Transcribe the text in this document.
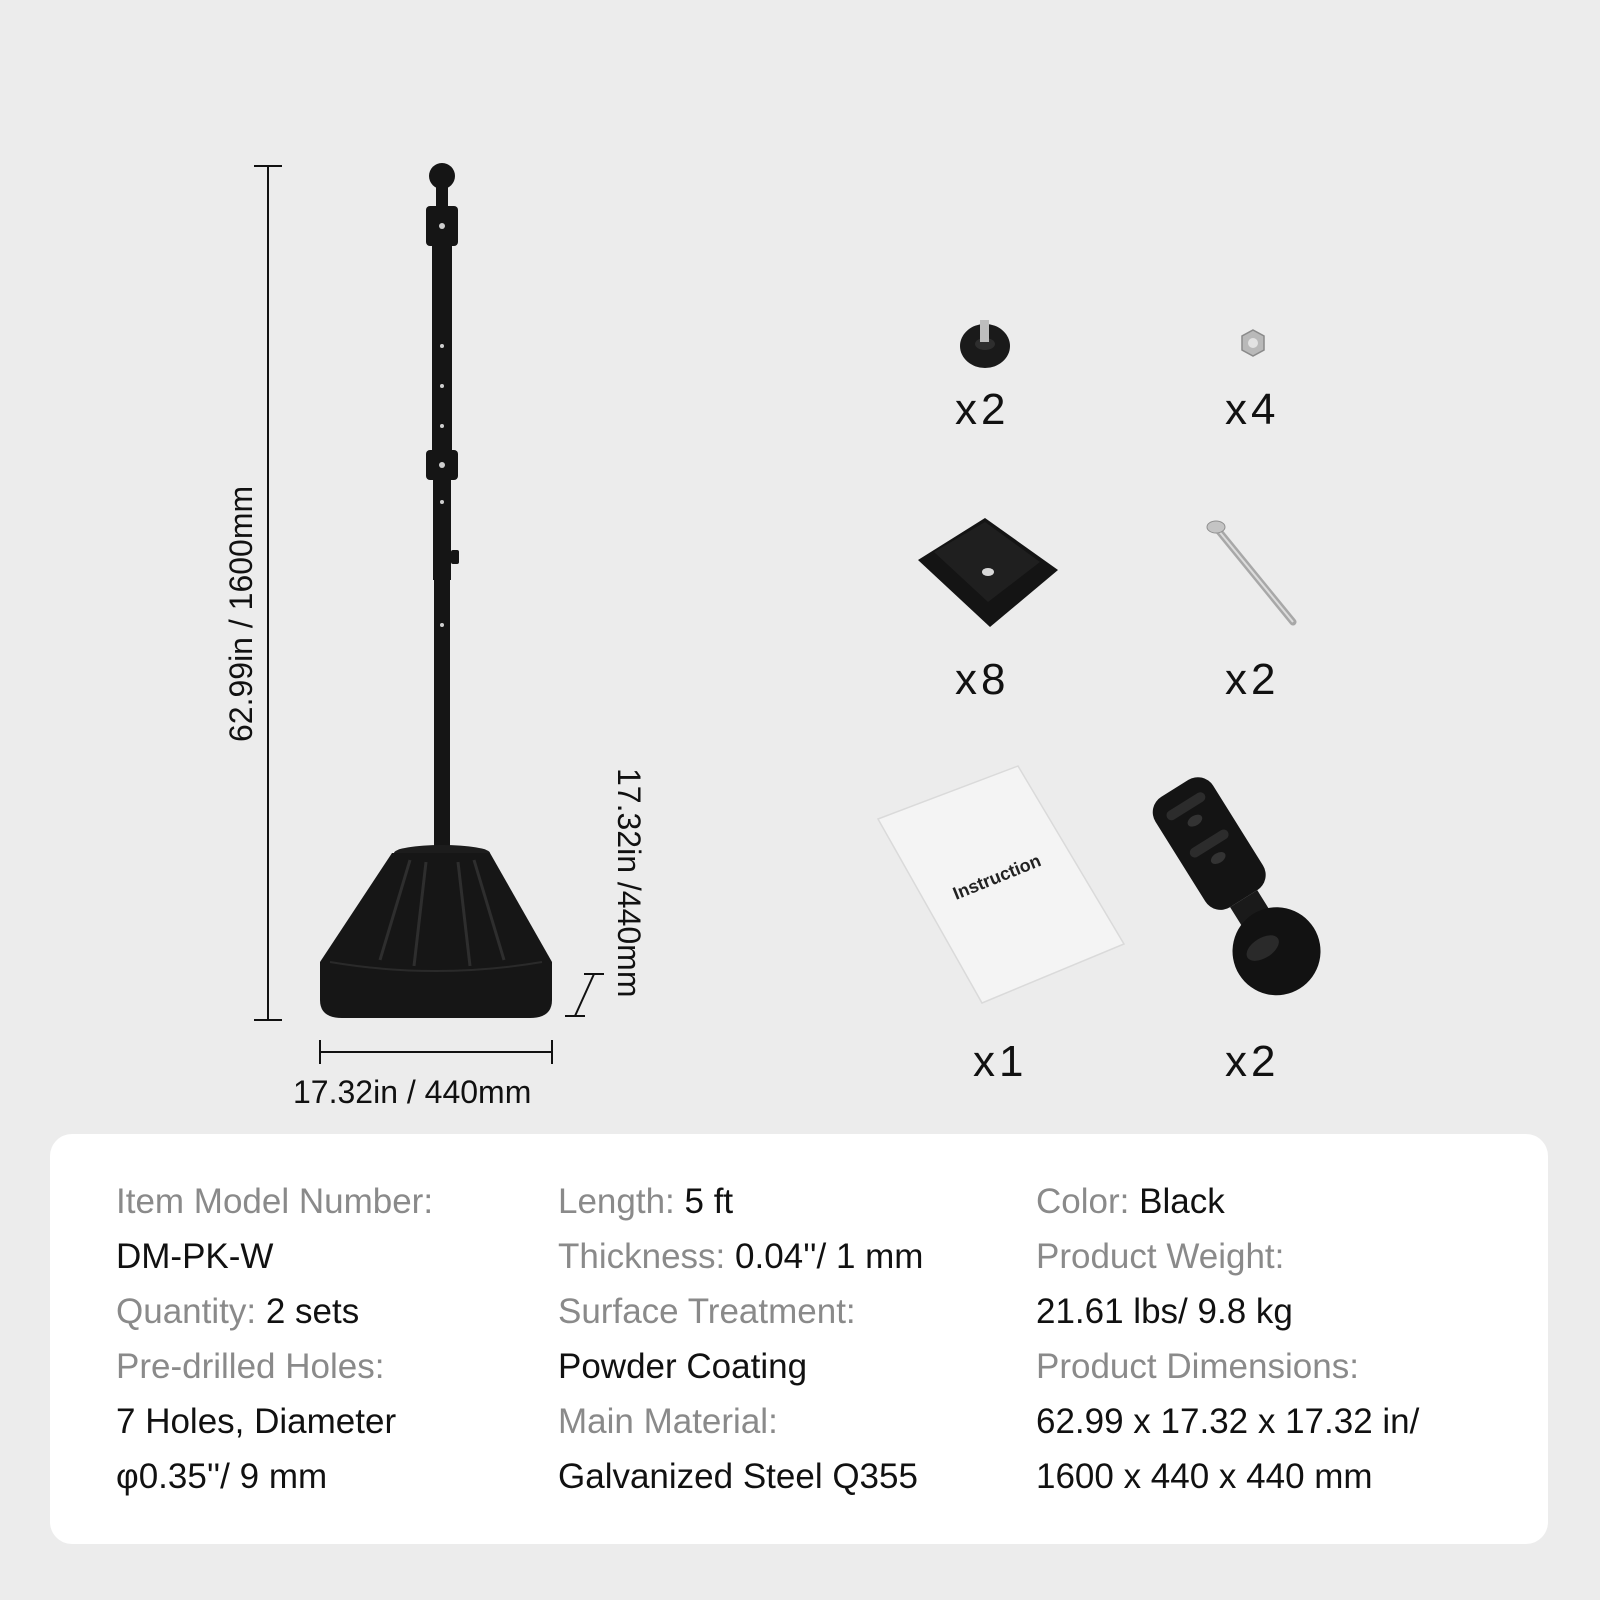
62.99in / 1600mm
17.32in / 440mm
17.32in /440mm
x2	x4
x8	x2
Instruction
x1	x2
Item Model Number:
DM-PK-W
Quantity: 2 sets
Pre-drilled Holes:
7 Holes, Diameter
φ0.35''/ 9 mm
Length: 5 ft
Thickness: 0.04''/ 1 mm
Surface Treatment:
Powder Coating
Main Material:
Galvanized Steel Q355
Color: Black
Product Weight:
21.61 lbs/ 9.8 kg
Product Dimensions:
62.99 x 17.32 x 17.32 in/
1600 x 440 x 440 mm
